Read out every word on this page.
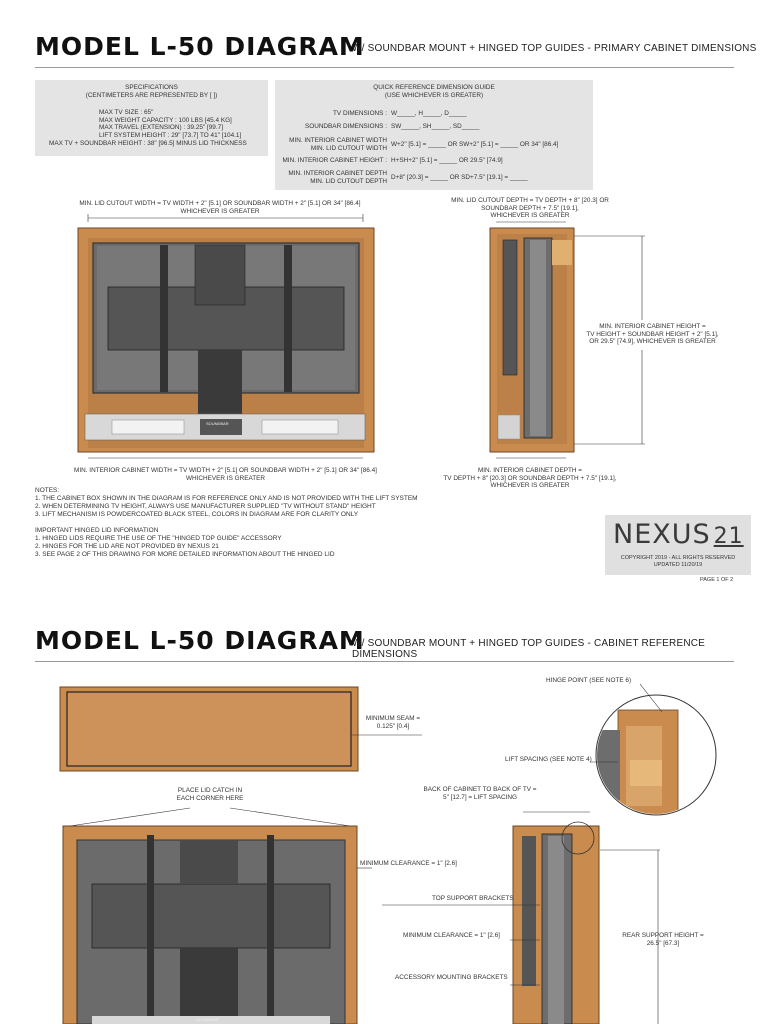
MODEL L-50 DIAGRAM
W/ SOUNDBAR MOUNT + HINGED TOP GUIDES - PRIMARY CABINET DIMENSIONS
SPECIFICATIONS
(CENTIMETERS ARE REPRESENTED BY [ ])
MAX TV SIZE : 65"
MAX WEIGHT CAPACITY : 100 LBS [45.4 KG]
MAX TRAVEL (EXTENSION) : 39.25" [99.7]
LIFT SYSTEM HEIGHT : 29" [73.7] TO 41" [104.1]
MAX TV + SOUNDBAR HEIGHT : 38" [96.5] MINUS LID THICKNESS
QUICK REFERENCE DIMENSION GUIDE
(USE WHICHEVER IS GREATER)
TV DIMENSIONS : W_____, H_____, D_____
SOUNDBAR DIMENSIONS : SW_____, SH_____, SD_____
MIN. INTERIOR CABINET WIDTH
MIN. LID CUTOUT WIDTH
W+2" [5.1] = _____ OR SW+2" [5.1] = _____ OR 34" [86.4]
MIN. INTERIOR CABINET HEIGHT : H+SH+2" [5.1] = _____ OR 29.5" [74.9]
MIN. INTERIOR CABINET DEPTH
MIN. LID CUTOUT DEPTH
D+8" [20.3] = _____ OR SD+7.5" [19.1] = _____
MIN. LID CUTOUT WIDTH = TV WIDTH + 2" [5.1] OR SOUNDBAR WIDTH + 2" [5.1] OR 34" [86.4]
WHICHEVER IS GREATER
MIN. LID CUTOUT DEPTH = TV DEPTH + 8" [20.3] OR
SOUNDBAR DEPTH + 7.5" [19.1],
WHICHEVER IS GREATER
MIN. INTERIOR CABINET HEIGHT =
TV HEIGHT + SOUNDBAR HEIGHT + 2" [5.1],
OR 29.5" [74.9], WHICHEVER IS GREATER
MIN. INTERIOR CABINET WIDTH = TV WIDTH + 2" [5.1] OR SOUNDBAR WIDTH + 2" [5.1] OR 34" [86.4]
WHICHEVER IS GREATER
MIN. INTERIOR CABINET DEPTH =
TV DEPTH + 8" [20.3] OR SOUNDBAR DEPTH + 7.5" [19.1],
WHICHEVER IS GREATER
SOUNDBAR
NOTES:
1. THE CABINET BOX SHOWN IN THE DIAGRAM IS FOR REFERENCE ONLY AND IS NOT PROVIDED WITH THE LIFT SYSTEM
2. WHEN DETERMINING TV HEIGHT, ALWAYS USE MANUFACTURER SUPPLIED "TV WITHOUT STAND" HEIGHT
3. LIFT MECHANISM IS POWDERCOATED BLACK STEEL, COLORS IN DIAGRAM ARE FOR CLARITY ONLY
IMPORTANT HINGED LID INFORMATION
1. HINGED LIDS REQUIRE THE USE OF THE "HINGED TOP GUIDE" ACCESSORY
2. HINGES FOR THE LID ARE NOT PROVIDED BY NEXUS 21
3. SEE PAGE 2 OF THIS DRAWING FOR MORE DETAILED INFORMATION ABOUT THE HINGED LID
NEXUS 21
COPYRIGHT 2019 - ALL RIGHTS RESERVED
UPDATED 11/20/19
PAGE 1 OF 2
MODEL L-50 DIAGRAM
W/ SOUNDBAR MOUNT + HINGED TOP GUIDES - CABINET REFERENCE DIMENSIONS
MINIMUM SEAM =
0.125" [0.4]
PLACE LID CATCH IN
EACH CORNER HERE
HINGE POINT (SEE NOTE 6)
LIFT SPACING (SEE NOTE 4)
BACK OF CABINET TO BACK OF TV =
5" [12.7] = LIFT SPACING
MINIMUM CLEARANCE = 1" [2.6]
TOP SUPPORT BRACKETS
MINIMUM CLEARANCE = 1" [2.6]	REAR SUPPORT HEIGHT =
26.5" [67.3]
ACCESSORY MOUNTING BRACKETS
SOUNDBAR
